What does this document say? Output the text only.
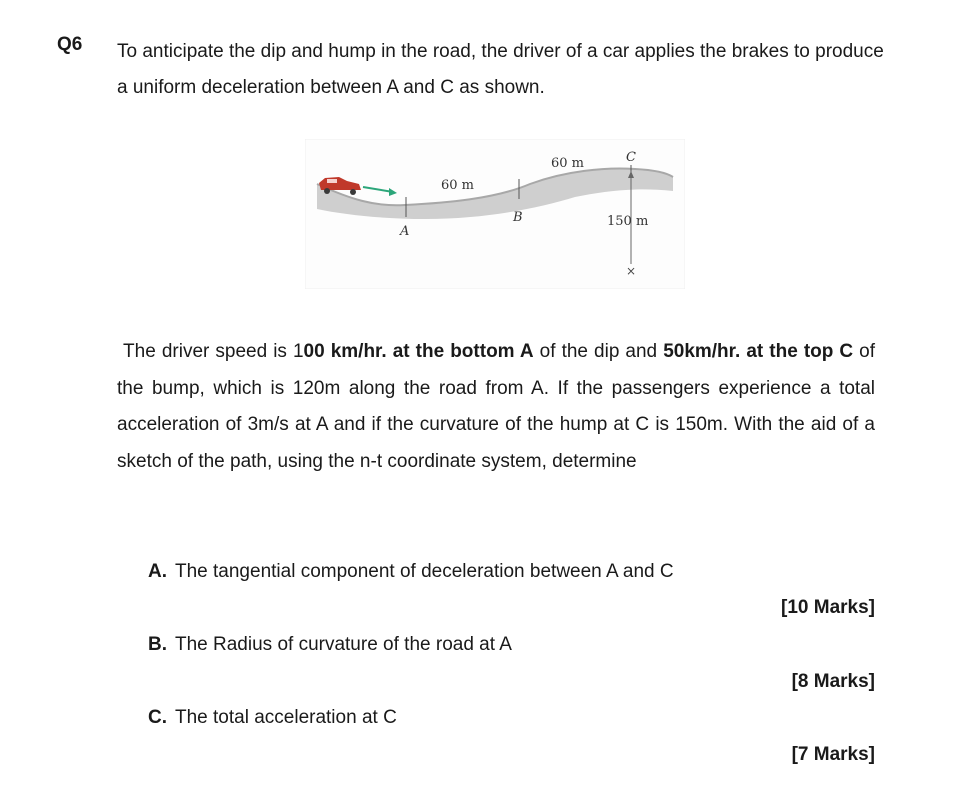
Q6 To anticipate the dip and hump in the road, the driver of a car applies the brakes to produce a uniform deceleration between A and C as shown.
×
A
B
C
60 m
60 m
150 m
The driver speed is 100 km/hr. at the bottom A of the dip and 50km/hr. at the top C of the bump, which is 120m along the road from A. If the passengers experience a total acceleration of 3m/s at A and if the curvature of the hump at C is 150m. With the aid of a sketch of the path, using the n-t coordinate system, determine
A. The tangential component of deceleration between A and C
[10 Marks]
B. The Radius of curvature of the road at A
[8 Marks]
C. The total acceleration at C
[7 Marks]
